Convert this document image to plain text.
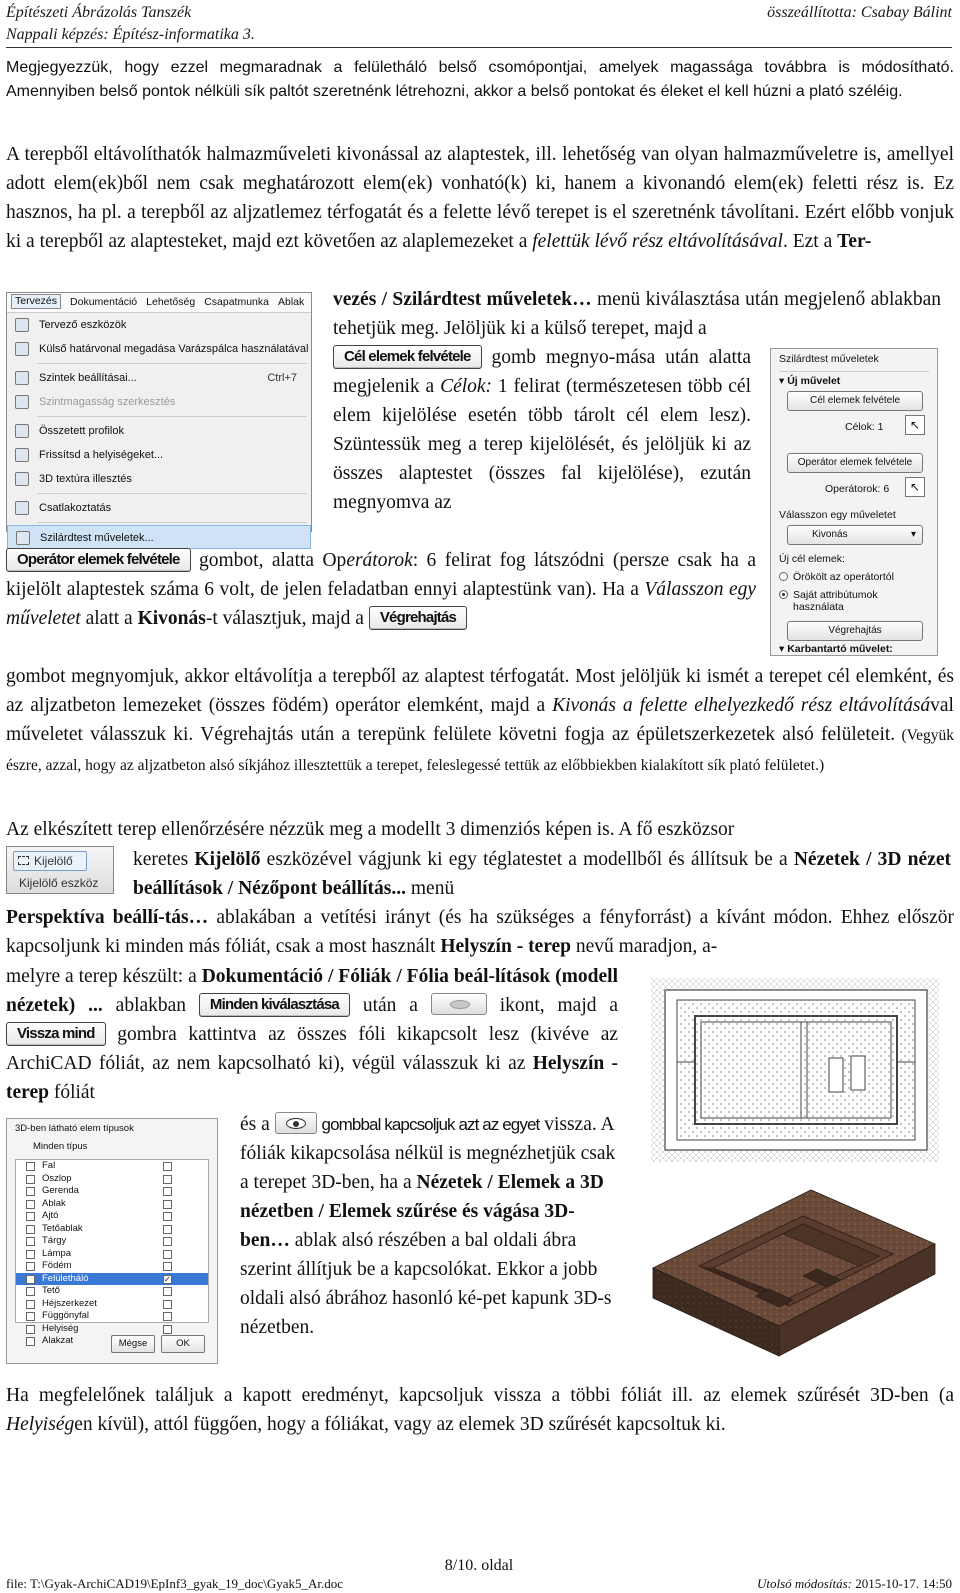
Építészeti Ábrázolás Tanszék
Nappali képzés: Építész-informatika 3.
összeállította: Csabay Bálint
Megjegyezzük, hogy ezzel megmaradnak a felületháló belső csomópontjai, amelyek magassága továbbra is módosítható. Amennyiben belső pontok nélküli sík paltót szeretnénk létrehozni, akkor a belső pontokat és éleket el kell húzni a plató széléig.
A terepből eltávolíthatók halmazműveleti kivonással az alaptestek, ill. lehetőség van olyan halmazműveletre is, amellyel adott elem(ek)ből nem csak meghatározott elem(ek) vonható(k) ki, hanem a kivonandó elem(ek) feletti rész is. Ez hasznos, ha pl. a terepből az aljzatlemez térfogatát és a felette lévő terepet is el szeretnénk távolítani. Ezért előbb vonjuk ki a terepből az alaptesteket, majd ezt követően az alaplemezeket a felettük lévő rész eltávolításával. Ezt a Ter-
Tervezés	Dokumentáció Lehetőség Csapatmunka Ablak
Tervező eszközök
Külső határvonal megadása Varázspálca használatával
Szintek beállításai...	Ctrl+7
Szintmagasság szerkesztés
Összetett profilok
Frissítsd a helyiségeket...
3D textúra illesztés
Csatlakoztatás
Szilárdtest műveletek...
vezés / Szilárdtest műveletek… menü kiválasztása után megjelenő ablakban tehetjük meg. Jelöljük ki a külső terepet, majd a
Cél elemek felvétele gomb megnyo-mása után alatta megjelenik a Célok: 1 felirat (természetesen több cél elem kijelölése esetén több tárolt cél elem lesz). Szüntessük meg a terep kijelölését, és jelöljük ki az összes alaptestet (összes fal kijelölése), ezután megnyomva az
Szilárdtest műveletek
▾ Új művelet
Cél elemek felvétele
Célok: 1	↖
Operátor elemek felvétele
Operátorok: 6	↖
Válasszon egy műveletet
Kivonás	▾
Új cél elemek:
Örökölt az operátortól
Saját attribútumok használata
Végrehajtás
▾ Karbantartó művelet:
Operátor elemek felvétele gombot, alatta Operátorok: 6 felirat fog látszódni (persze csak ha a kijelölt alaptestek száma 6 volt, de jelen feladatban ennyi alaptestünk van). Ha a Válasszon egy műveletet alatt a Kivonás-t választjuk, majd a Végrehajtás
gombot megnyomjuk, akkor eltávolítja a terepből az alaptest térfogatát. Most jelöljük ki ismét a terepet cél elemként, és az aljzatbeton lemezeket (összes födém) operátor elemként, majd a Kivonás a felette elhelyezkedő rész eltávolításával műveletet válasszuk ki. Végrehajtás után a terepünk felülete követni fogja az épületszerkezetek alsó felületeit. (Vegyük észre, azzal, hogy az aljzatbeton alsó síkjához illesztettük a terepet, feleslegessé tettük az előbbiekben kialakított sík plató felületet.)
Az elkészített terep ellenőrzésére nézzük meg a modellt 3 dimenziós képen is. A fő eszközsor
Kijelölő
Kijelölő eszköz
keretes Kijelölő eszközével vágjunk ki egy téglatestet a modellből és állítsuk be a Nézetek / 3D nézet beállítások / Nézőpont beállítás... menü
Perspektíva beállí-tás… ablakában a vetítési irányt (és ha szükséges a fényforrást) a kívánt módon. Ehhez először kapcsoljunk ki minden más fóliát, csak a most használt Helyszín - terep nevű maradjon, a-
melyre a terep készült: a Dokumentáció / Fóliák / Fólia beál-lítások (modell nézetek) ... ablakban Minden kiválasztása után a	ikont, majd a Vissza mind gombra kattintva az összes fóli kikapcsolt lesz (kivéve az ArchiCAD fóliát, az nem kapcsolható ki), végül válasszuk ki az Helyszín - terep fóliát
3D-ben látható elem típusok
Minden típus
Fal
Oszlop
Gerenda
Ablak
Ajtó
Tetőablak
Tárgy
Lámpa
Födém
Felületháló	✓
Tető
Héjszerkezet
Függönyfal
Helyiség
Alakzat	Mégse	OK
és a	gombbal kapcsoljuk azt az egyet vissza. A fóliák kikapcsolása nélkül is megnézhetjük csak a terepet 3D-ben, ha a Nézetek / Elemek a 3D nézetben / Elemek szűrése és vágása 3D-ben… ablak alsó részében a bal oldali ábra szerint állítjuk be a kapcsolókat. Ekkor a jobb oldali alsó ábrához hasonló ké-pet kapunk 3D-s nézetben.
Ha megfelelőnek találjuk a kapott eredményt, kapcsoljuk vissza a többi fóliát ill. az elemek szűrését 3D-ben (a Helyiségen kívül), attól függően, hogy a fóliákat, vagy az elemek 3D szűrését kapcsoltuk ki.
8/10. oldal
file: T:\Gyak-ArchiCAD19\EpInf3_gyak_19_doc\Gyak5_Ar.doc	Utolsó módosítás: 2015-10-17. 14:50
